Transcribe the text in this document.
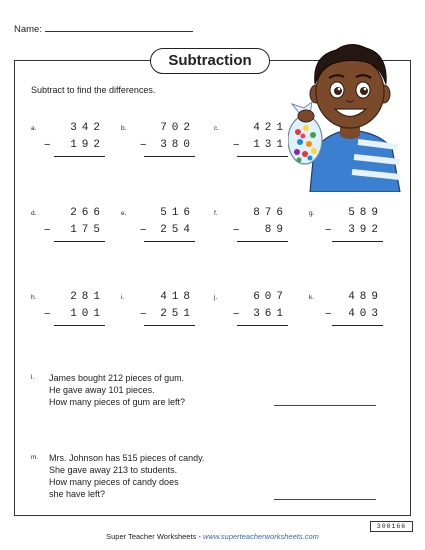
Name:
Subtraction
Subtract to find the differences.
a.	342
− 192
b.	702
− 380
c.	421
− 131
d.	266
− 175
e.	516
− 254
f.	876
− 89
g.	589
− 392
h.	281
− 101
i.	418
− 251
j.	607
− 361
k.	489
− 403
l. James bought 212 pieces of gum.
He gave away 101 pieces.
How many pieces of gum are left?
m. Mrs. Johnson has 515 pieces of candy.
She gave away 213 to students.
How many pieces of candy does
she have left?
300166
Super Teacher Worksheets - www.superteacherworksheets.com
